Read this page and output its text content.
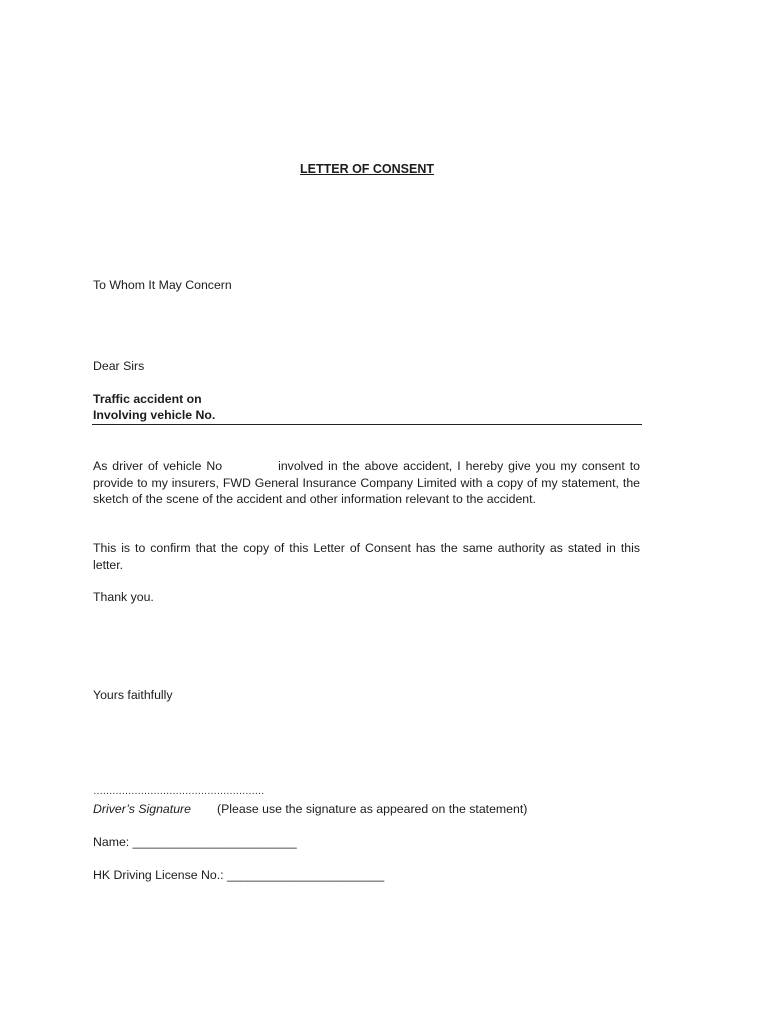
LETTER OF CONSENT
To Whom It May Concern
Dear Sirs
Traffic accident on
Involving vehicle No.
As driver of vehicle No	involved in the above accident, I hereby give you my consent to provide to my insurers, FWD General Insurance Company Limited with a copy of my statement, the sketch of the scene of the accident and other information relevant to the accident.
This is to confirm that the copy of this Letter of Consent has the same authority as stated in this letter.
Thank you.
Yours faithfully
………………………………………………
Driver’s Signature (Please use the signature as appeared on the statement)
Name: ________________________
HK Driving License No.: _______________________
